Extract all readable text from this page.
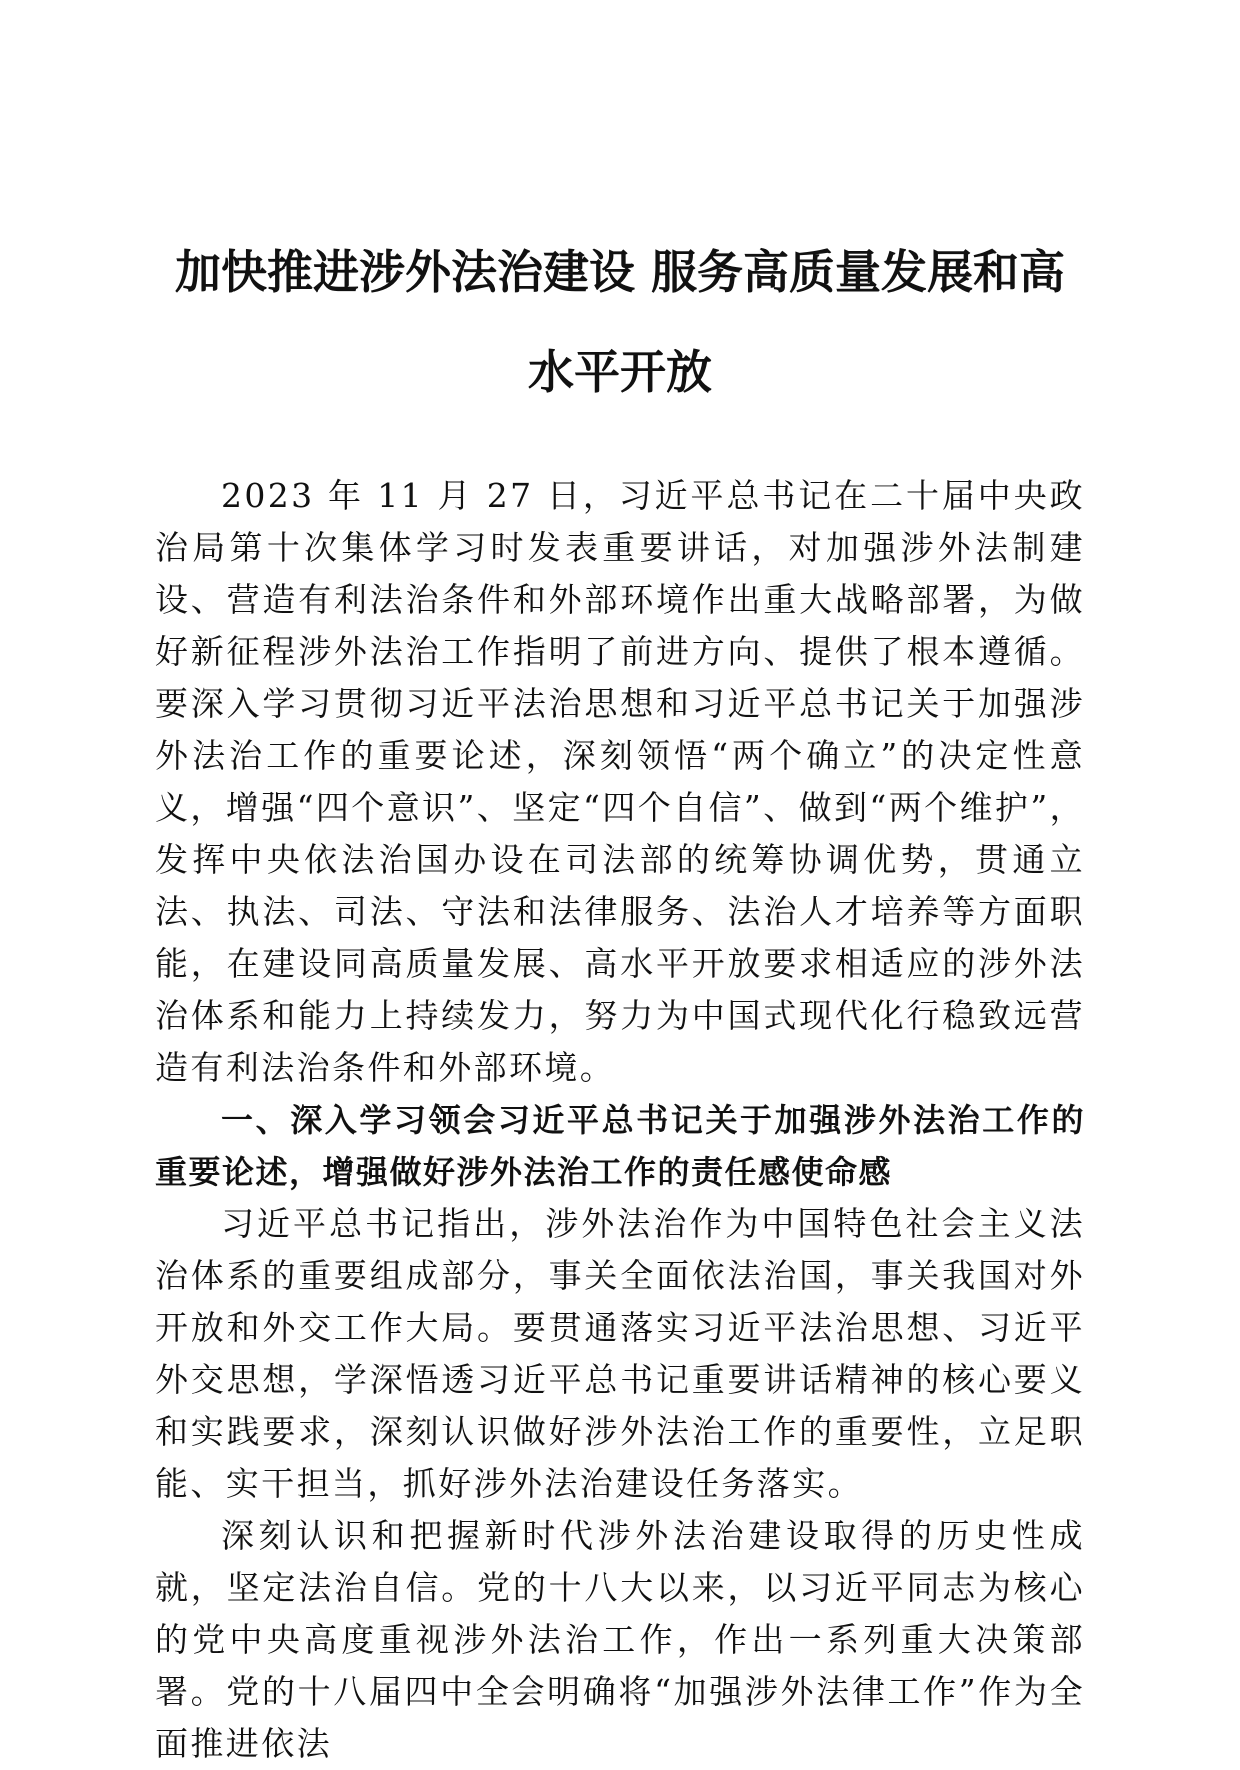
加快推进涉外法治建设 服务高质量发展和高
水平开放

2023 年 11 月 27 日，习近平总书记在二十届中央政治局第十次集体学习时发表重要讲话，对加强涉外法制建设、营造有利法治条件和外部环境作出重大战略部署，为做好新征程涉外法治工作指明了前进方向、提供了根本遵循。要深入学习贯彻习近平法治思想和习近平总书记关于加强涉外法治工作的重要论述，深刻领悟“两个确立”的决定性意义，增强“四个意识”、坚定“四个自信”、做到“两个维护”，发挥中央依法治国办设在司法部的统筹协调优势，贯通立法、执法、司法、守法和法律服务、法治人才培养等方面职能，在建设同高质量发展、高水平开放要求相适应的涉外法治体系和能力上持续发力，努力为中国式现代化行稳致远营造有利法治条件和外部环境。

一、深入学习领会习近平总书记关于加强涉外法治工作的重要论述，增强做好涉外法治工作的责任感使命感

习近平总书记指出，涉外法治作为中国特色社会主义法治体系的重要组成部分，事关全面依法治国，事关我国对外开放和外交工作大局。要贯通落实习近平法治思想、习近平外交思想，学深悟透习近平总书记重要讲话精神的核心要义和实践要求，深刻认识做好涉外法治工作的重要性，立足职能、实干担当，抓好涉外法治建设任务落实。

深刻认识和把握新时代涉外法治建设取得的历史性成就，坚定法治自信。党的十八大以来，以习近平同志为核心的党中央高度重视涉外法治工作，作出一系列重大决策部署。党的十八届四中全会明确将“加强涉外法律工作”作为全面推进依法
